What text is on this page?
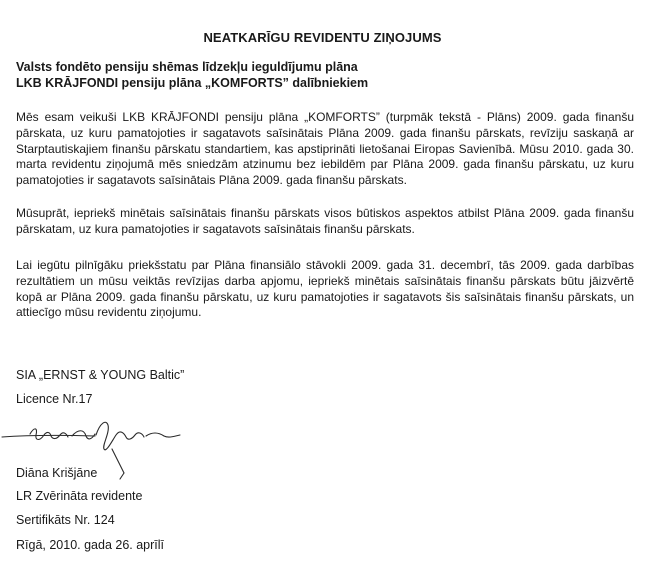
NEATKARĪGU REVIDENTU ZIŅOJUMS
Valsts fondēto pensiju shēmas līdzekļu ieguldījumu plāna
LKB KRĀJFONDI pensiju plāna „KOMFORTS” dalībniekiem
Mēs esam veikuši LKB KRĀJFONDI pensiju plāna „KOMFORTS” (turpmāk tekstā - Plāns) 2009. gada finanšu pārskata, uz kuru pamatojoties ir sagatavots saīsinātais Plāna 2009. gada finanšu pārskats, revīziju saskaņā ar Starptautiskajiem finanšu pārskatu standartiem, kas apstiprināti lietošanai Eiropas Savienībā. Mūsu 2010. gada 30. marta revidentu ziņojumā mēs sniedzām atzinumu bez iebildēm par Plāna 2009. gada finanšu pārskatu, uz kuru pamatojoties ir sagatavots saīsinātais Plāna 2009. gada finanšu pārskats.
Mūsuprāt, iepriekš minētais saīsinātais finanšu pārskats visos būtiskos aspektos atbilst Plāna 2009. gada finanšu pārskatam, uz kura pamatojoties ir sagatavots saīsinātais finanšu pārskats.
Lai iegūtu pilnīgāku priekšstatu par Plāna finansiālo stāvokli 2009. gada 31. decembrī, tās 2009. gada darbības rezultātiem un mūsu veiktās revīzijas darba apjomu, iepriekš minētais saīsinātais finanšu pārskats būtu jāizvērtē kopā ar Plāna 2009. gada finanšu pārskatu, uz kuru pamatojoties ir sagatavots šis saīsinātais finanšu pārskats, un attiecīgo mūsu revidentu ziņojumu.
SIA „ERNST & YOUNG Baltic”
Licence Nr.17
Diāna Krišjāne
LR Zvērināta revidente
Sertifikāts Nr. 124
Rīgā, 2010. gada 26. aprīlī
